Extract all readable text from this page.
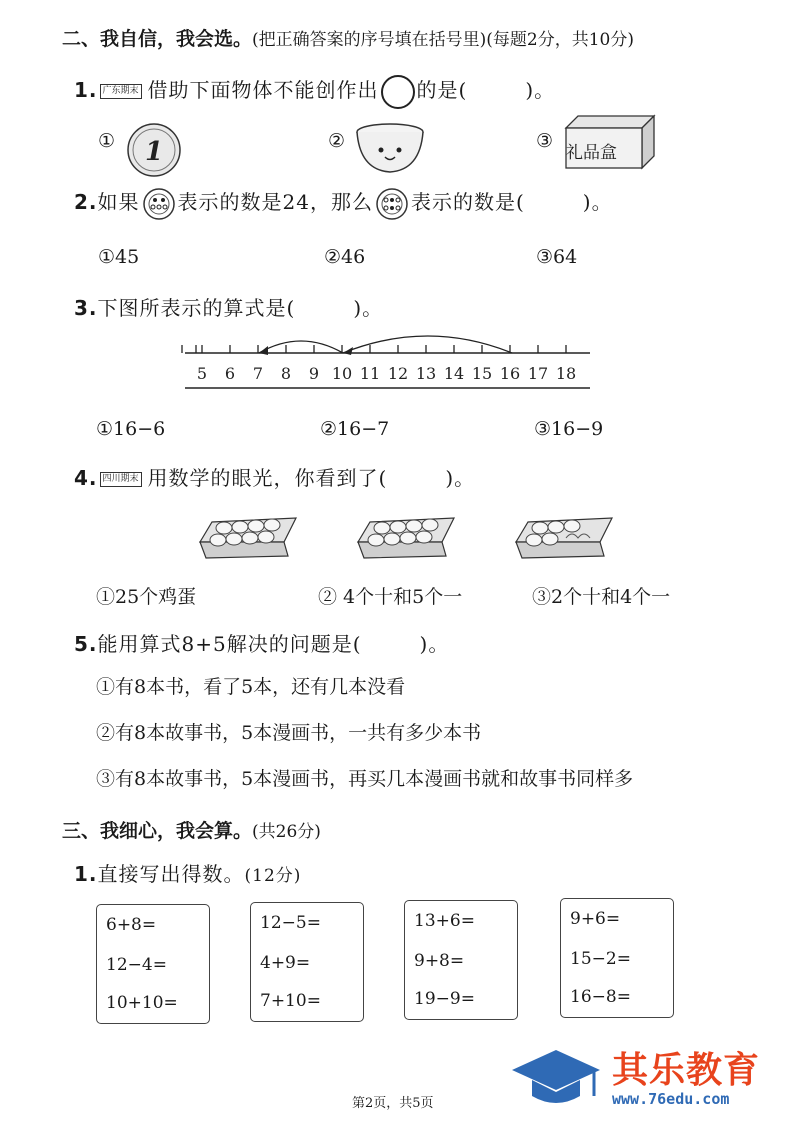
二、我自信，我会选。(把正确答案的序号填在括号里)(每题2分，共10分)
1. 广东期末 借助下面物体不能创作出 的是(	)。
① 1	②	③
礼品盒
2.如果 表示的数是24，那么 表示的数是(	)。
①45	②46	③64
3.下图所表示的算式是(	)。
5 6 7 8 9 10 11 12 13 14 15 16 17 18
①16−6	②16−7	③16−9
4. 四川期末 用数学的眼光，你看到了(	)。
①25个鸡蛋	② 4个十和5个一	③2个十和4个一
5.能用算式8+5解决的问题是(	)。
①有8本书，看了5本，还有几本没看
②有8本故事书，5本漫画书，一共有多少本书
③有8本故事书，5本漫画书，再买几本漫画书就和故事书同样多
三、我细心，我会算。(共26分)
1.直接写出得数。(12分)
6+8=
12−4=
10+10=
12−5=
4+9=
7+10=
13+6=
9+8=
19−9=
9+6=
15−2=
16−8=
第2页，共5页
其乐教育
www.76edu.com
